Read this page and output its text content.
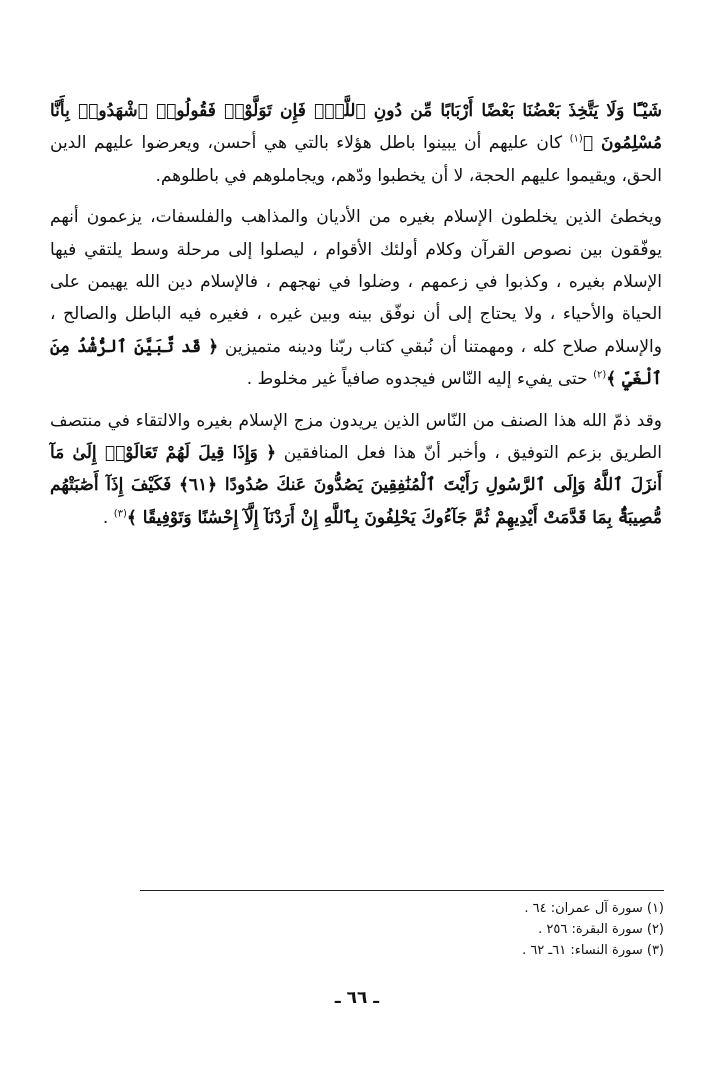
شَيْـًٔا وَلَا يَتَّخِذَ بَعْضُنَا بَعْضًا أَرْبَابًا مِّن دُونِ ٱللَّهِۚ فَإِن تَوَلَّوْا۟ فَقُولُوا۟ ٱشْهَدُوا۟ بِأَنَّا مُسْلِمُونَ ﴾$^{(١)}$ كان عليهم أن يبينوا باطل هؤلاء بالتي هي أحسن، ويعرضوا عليهم الدين الحق، ويقيموا عليهم الحجة، لا أن يخطبوا ودّهم، ويجاملوهم في باطلوهم.

ويخطئ الذين يخلطون الإسلام بغيره من الأديان والمذاهب والفلسفات، يزعمون أنهم يوفّقون بين نصوص القرآن وكلام أولئك الأقوام ، ليصلوا إلى مرحلة وسط يلتقي فيها الإسلام بغيره ، وكذبوا في زعمهم ، وضلوا في نهجهم ، فالإسلام دين الله يهيمن على الحياة والأحياء ، ولا يحتاج إلى أن نوفّق بينه وبين غيره ، فغيره فيه الباطل والصالح ، والإسلام صلاح كله ، ومهمتنا أن نُبقي كتاب ربّنا ودينه متميزين ﴿ قَد تَّبَيَّنَ ٱلرُّشْدُ مِنَ ٱلْغَيِّ ﴾$^{(٢)}$ حتى يفيء إليه النّاس فيجدوه صافياً غير مخلوط .

وقد ذمّ الله هذا الصنف من النّاس الذين يريدون مزج الإسلام بغيره والالتقاء في منتصف الطريق بزعم التوفيق ، وأخبر أنّ هذا فعل المنافقين ﴿ وَإِذَا قِيلَ لَهُمْ تَعَالَوْا۟ إِلَىٰ مَآ أَنزَلَ ٱللَّهُ وَإِلَى ٱلرَّسُولِ رَأَيْتَ ٱلْمُنَٰفِقِينَ يَصُدُّونَ عَنكَ صُدُودًا ﴿٦١﴾ فَكَيْفَ إِذَآ أَصَٰبَتْهُم مُّصِيبَةٌۢ بِمَا قَدَّمَتْ أَيْدِيهِمْ ثُمَّ جَآءُوكَ يَحْلِفُونَ بِٱللَّهِ إِنْ أَرَدْنَآ إِلَّآ إِحْسَٰنًا وَتَوْفِيقًا ﴾$^{(٣)}$ .

(١) سورة آل عمران: ٦٤ .
(٢) سورة البقرة: ٢٥٦ .
(٣) سورة النساء: ٦١ـ ٦٢ .
ـ ٦٦ ـ
